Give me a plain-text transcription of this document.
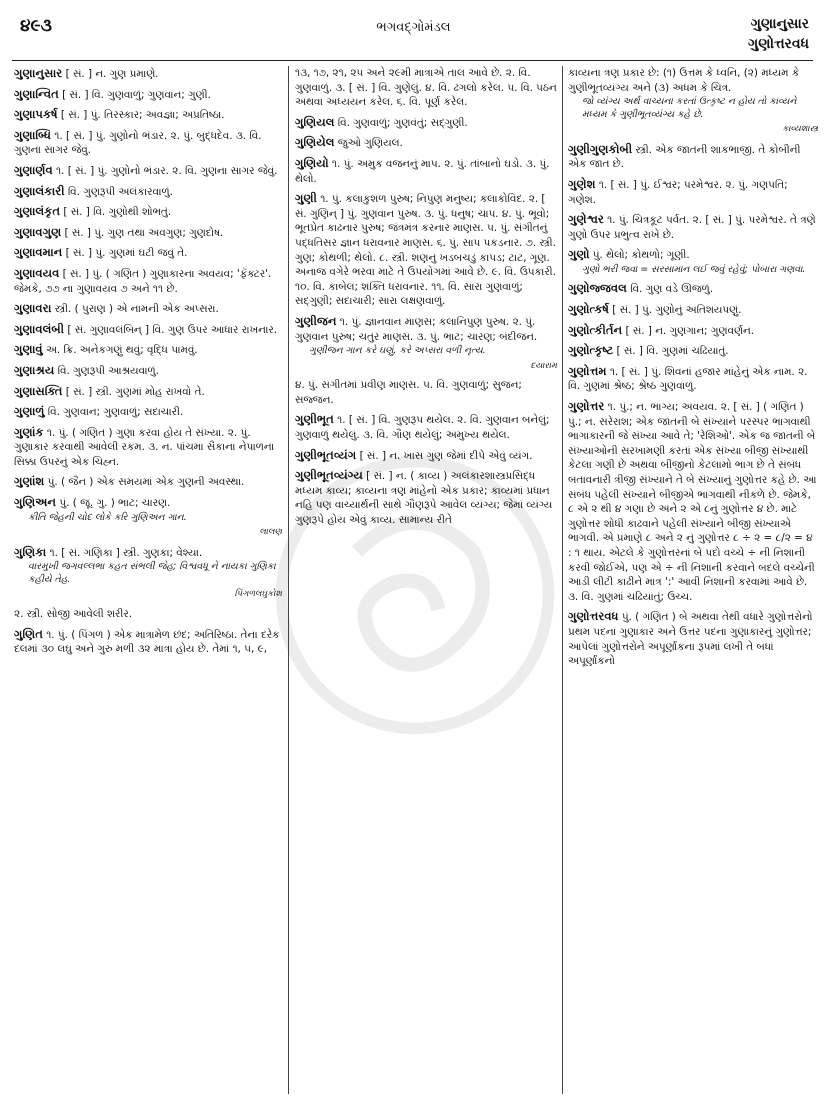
૪૯૩	ભગવદ્ગોમંડલ	ગુણાનુસાર
ગુણોત્તરવધ
ગુણાનુસાર [ સં. ] ન. ગુણ પ્રમાણે.
ગુણાન્વિત [ સં. ] વિ. ગુણવાળું; ગુણવાન; ગુણી.
ગુણાપકર્ષ [ સં. ] પું. તિરસ્કાર; અવજ્ઞા; અપ્રતિષ્ઠા.
ગુણાબ્ધિ ૧. [ સં. ] પું. ગુણોનો ભંડાર. ૨. પું. બુદ્ધદેવ. ૩. વિ. ગુણના સાગર જેવું.
ગુણાર્ણવ ૧. [ સં. ] પું. ગુણોનો ભંડાર. ૨. વિ. ગુણના સાગર જેવું.
ગુણાલંકારી વિ. ગુણરૂપી અલંકારવાળું.
ગુણાલંકૃત [ સં. ] વિ. ગુણોથી શોભતું.
ગુણાવગુણ [ સં. ] પું. ગુણ તથા અવગુણ; ગુણદોષ.
ગુણાવમાન [ સં. ] પું. ગુણમાં ઘટી જવું તે.
ગુણાવયવ [ સં. ] પું. ( ગણિત ) ગુણાકારના અવયવ; 'ફૅક્ટર'. જેમકે, ૭૭ ના ગુણાવયવ ૭ અને ૧૧ છે.
ગુણાવરા સ્ત્રી. ( પુરાણ ) એ નામની એક અપ્સરા.
ગુણાવલંબી [ સં. ગુણાવલંબિન્ ] વિ. ગુણ ઉપર આધાર રાખનાર.
ગુણાવું અ. ક્રિ. અનેકગણું થવું; વૃદ્ધિ પામવું.
ગુણાશ્રય વિ. ગુણરૂપી આશ્રયવાળું.
ગુણાસક્તિ [ સં. ] સ્ત્રી. ગુણમાં મોહ રાખવો તે.
ગુણાળું વિ. ગુણવાન; ગુણવાળું; સદાચારી.
ગુણાંક ૧. પું. ( ગણિત ) ગુણા કરવા હોય તે સંખ્યા. ૨. પું. ગુણાકાર કરવાથી આવેલી રકમ. ૩. ન. પાંચમા સૈકાના નેપાળના સિક્કા ઉપરનું એક ચિહ્ન.
ગુણાંશ પું. ( જૈન ) એક સમયમાં એક ગુણની અવસ્થા.
ગુણિઅન પું. ( જૂ. ગુ. ) ભાટ; ચારણ.
કીતિ જેહની ચોદ લોકે કરિ ગુણિઅન ગાન.
લાલણ
ગુણિકા ૧. [ સં. ગણિકા ] સ્ત્રી. ગુણકા; વેશ્યા.
વારમુખી જગવલ્લભા કહત સંભલી જેહ; વિશ્વવધૂ ને નાયકા ગુણિકા કહીયે તેહ.
પિંગળલઘુકોશ
૨. સ્ત્રી. સોજી આવેલી શરીર.
ગુણિત ૧. પું. ( પિંગળ ) એક માત્રામેળ છંદ; અતિરિષ્ઠા. તેના દરેક દલમાં ૩૦ લઘુ અને ગુરુ મળી ૩૨ માત્રા હોય છે. તેમાં ૧, ૫, ૯,
૧૩, ૧૭, ૨૧, ૨૫ અને ૨૯મી માત્રાએ તાલ આવે છે. ૨. વિ. ગુણવાળું. ૩. [ સં. ] વિ. ગુણેલું. ૪. વિ. ઢગલો કરેલ. ૫. વિ. પઠન અથવા અધ્યયન કરેલ. ૬. વિ. પૂર્ણ કરેલ.
ગુણિયલ વિ. ગુણવાળું; ગુણવંતું; સદ્ગુણી.
ગુણિયેલ જુઓ ગુણિયલ.
ગુણિયો ૧. પું. અમુક વજનનું માપ. ૨. પું. તાંબાનો ઘડો. ૩. પું. થેલો.
ગુણી ૧. પું. કલાકુશળ પુરુષ; નિપુણ મનુષ્ય; કલાકોવિદ. ૨. [ સં. ગુણિન્ ] પું. ગુણવાન પુરુષ. ૩. પું. ધનુષ; ચાપ. ૪. પું. ભૂવો; ભૂતપ્રેત કાઢનાર પુરુષ; જંત્રમંત્ર કરનાર માણસ. ૫. પું. સંગીતનું પદ્ધતિસર જ્ઞાન ધરાવનાર માણસ. ૬. પું. સાપ પકડનાર. ૭. સ્ત્રી. ગુણ; કોથળી; થેલો. ૮. સ્ત્રી. શણનું ખડબચડું કાપડ; ટાટ, ગૂણ. અનાજ વગેરે ભરવા માટે તે ઉપયોગમાં આવે છે. ૯. વિ. ઉપકારી. ૧૦. વિ. કાબેલ; શક્તિ ધરાવનાર. ૧૧. વિ. સારા ગુણવાળું; સદ્ગુણી; સદાચારી; સારા લક્ષણવાળું.
ગુણીજન ૧. પું. જ્ઞાનવાન માણસ; કલાનિપુણ પુરુષ. ૨. પું. ગુણવાન પુરુષ; ચતુર માણસ. ૩. પું. ભાટ; ચારણ; બંદીજન.
ગુણીજન ગાન કરે ઘણું, કરે અપ્સરા વળી નૃત્ય.
દયારામ
૪. પું. સંગીતમાં પ્રવીણ માણસ. ૫. વિ. ગુણવાળું; સુજન; સજ્જન.
ગુણીભૂત ૧. [ સં. ] વિ. ગુણરૂપ થયેલ. ૨. વિ. ગુણવાન બનેલું; ગુણવાળું થયેલું. ૩. વિ. ગૌણ થયેલું; અમુખ્ય થયેલ.
ગુણીભૂતવ્યંગ [ સં. ] ન. ખાસ ગુણ જેમાં દીપે એવું વ્યંગ.
ગુણીભૂતવ્યંગ્ય [ સં. ] ન. ( કાવ્ય ) અલંકારશાસ્ત્રપ્રસિદ્ધ મધ્યમ કાવ્ય; કાવ્યના ત્રણ માંહેનો એક પ્રકાર; કાવ્યમાં પ્રધાન નહિ પણ વાચ્યાર્થની સાથે ગૌણરૂપે આવેલ વ્યંગ્ય; જેમાં વ્યંગ્ય ગુણરૂપે હોય એવું કાવ્ય. સામાન્ય રીતે
કાવ્યના ત્રણ પ્રકાર છે: (૧) ઉત્તમ કે ધ્વનિ, (૨) મધ્યમ કે ગુણીભૂતવ્યંગ્ય અને (૩) અધમ કે ચિત્ર.
જો વ્યંગ્ય અર્થ વાચ્યના કરતાં ઉત્કૃષ્ટ ન હોય તો કાવ્યને મધ્યમ કે ગુણીભૂતવ્યંગ્ય કહે છે.
કાવ્યશાસ્ત્ર
ગુણીગુણકોબી સ્ત્રી. એક જાતની શાકભાજી. તે કોબીની એક જાત છે.
ગુણેશ ૧. [ સં. ] પું. ઈશ્વર; પરમેશ્વર. ૨. પું. ગણપતિ; ગણેશ.
ગુણેશ્વર ૧. પું. ચિત્રકૂટ પર્વત. ૨. [ સં. ] પું. પરમેશ્વર. તે ત્રણે ગુણો ઉપર પ્રભુત્વ રાખે છે.
ગુણો પું. થેલો; કોથળો; ગૂણી.
ગુણો ભરી જવા = સરસામાન લઈ જવું રહેવું; પોબારા ગણવા.
ગુણોજ્જવલ વિ. ગુણ વડે ઊજળું.
ગુણોત્કર્ષ [ સં. ] પું. ગુણોનું અતિશયપણું.
ગુણોત્કીર્તન [ સં. ] ન. ગુણગાન; ગુણવર્ણન.
ગુણોત્કૃષ્ટ [ સં. ] વિ. ગુણમાં ચઢિયાતું.
ગુણોત્તમ ૧. [ સં. ] પું. શિવનાં હજાર માંહેનું એક નામ. ૨. વિ. ગુણમાં શ્રેષ્ઠ; શ્રેષ્ઠ ગુણવાળું.
ગુણોત્તર ૧. પું.; ન. ભાગ્ય; અવયવ. ૨. [ સં. ] ( ગણિત ) પું.; ન. સરેરાશ; એક જાતની બે સંખ્યાને પરસ્પર ભાગવાથી ભાગાકારની જે સંખ્યા આવે તે; 'રેશિઓ'. એક જ જાતની બે સંખ્યાઓની સરખામણી કરતાં એક સંખ્યા બીજી સંખ્યાથી કેટલા ગણી છે અથવા બીજીનો કેટલામો ભાગ છે તે સંબંધ બતાવનારી ત્રીજી સંખ્યાને તે બે સંખ્યાનું ગુણોત્તર કહે છે. આ સંબંધ પહેલી સંખ્યાને બીજીએ ભાગવાથી નીકળે છે. જેમકે, ૮ એ ૨ થી ૪ ગણા છે અને ૨ એ ૮નું ગુણોત્તર ૪ છે. માટે ગુણોત્તર શોધી કાઢવાને પહેલી સંખ્યાને બીજી સંખ્યાએ ભાગવી. એ પ્રમાણે ૮ અને ૨ નું ગુણોત્તર ૮ ÷ ૨ = ૮/૨ = ૪ : ૧ થાય. એટલે કે ગુણોત્તરનાં બે પદો વચ્ચે ÷ ની નિશાની કરવી જોઈએ, પણ એ ÷ ની નિશાની કરવાને બદલે વચ્ચેની આડી લીટી કાઢીને માત્ર ':' આવી નિશાની કરવામાં આવે છે. ૩. વિ. ગુણમાં ચઢિયાતું; ઉચ્ચ.
ગુણોત્તરવધ પું. ( ગણિત ) બે અથવા તેથી વધારે ગુણોત્તરોનો પ્રથમ પદના ગુણાકાર અને ઉત્તર પદના ગુણાકારનું ગુણોત્તર; આપેલાં ગુણોત્તરોને અપૂર્ણાંકના રૂપમાં લખી તે બધાં અપૂર્ણાંકનો
